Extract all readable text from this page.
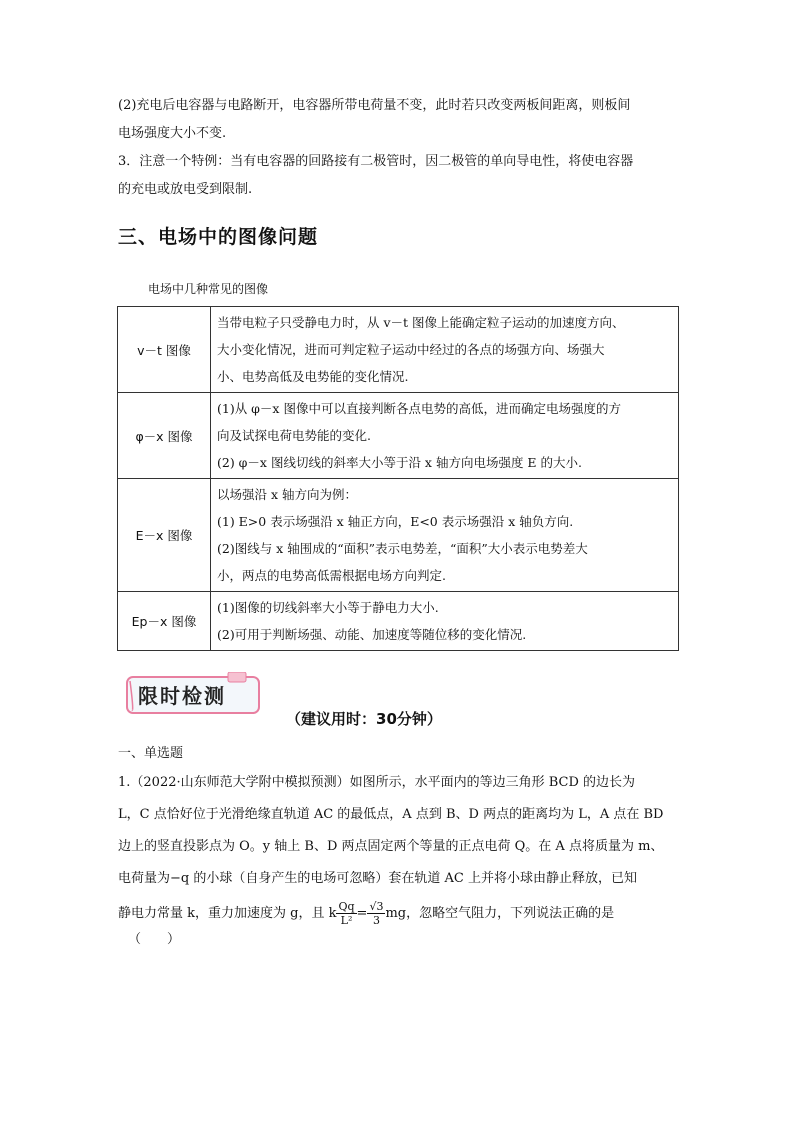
(2)充电后电容器与电路断开，电容器所带电荷量不变，此时若只改变两板间距离，则板间
电场强度大小不变.
3．注意一个特例：当有电容器的回路接有二极管时，因二极管的单向导电性，将使电容器
的充电或放电受到限制.
三、电场中的图像问题
电场中几种常见的图像
v－t 图像	当带电粒子只受静电力时，从 v－t 图像上能确定粒子运动的加速度方向、
大小变化情况，进而可判定粒子运动中经过的各点的场强方向、场强大
小、电势高低及电势能的变化情况.

φ－x 图像	(1)从 φ－x 图像中可以直接判断各点电势的高低，进而确定电场强度的方
向及试探电荷电势能的变化.
(2) φ－x 图线切线的斜率大小等于沿 x 轴方向电场强度 E 的大小.

E－x 图像	以场强沿 x 轴方向为例：
(1) E>0 表示场强沿 x 轴正方向，E<0 表示场强沿 x 轴负方向.
(2)图线与 x 轴围成的“面积”表示电势差，“面积”大小表示电势差大
小，两点的电势高低需根据电场方向判定.

Ep－x 图像	(1)图像的切线斜率大小等于静电力大小.
(2)可用于判断场强、动能、加速度等随位移的变化情况.
限时检测
（建议用时：30分钟）
一、单选题
1.（2022·山东师范大学附中模拟预测）如图所示，水平面内的等边三角形 BCD 的边长为
L，C 点恰好位于光滑绝缘直轨道 AC 的最低点，A 点到 B、D 两点的距离均为 L，A 点在 BD
边上的竖直投影点为 O。y 轴上 B、D 两点固定两个等量的正点电荷 Q。在 A 点将质量为 m、
电荷量为−q 的小球（自身产生的电场可忽略）套在轨道 AC 上并将小球由静止释放，已知
静电力常量 k，重力加速度为 g，且 k $\frac{Qq}{\text{L²}} = \frac{√3}{3}$ mg，忽略空气阻力，下列说法正确的是
（　　）
